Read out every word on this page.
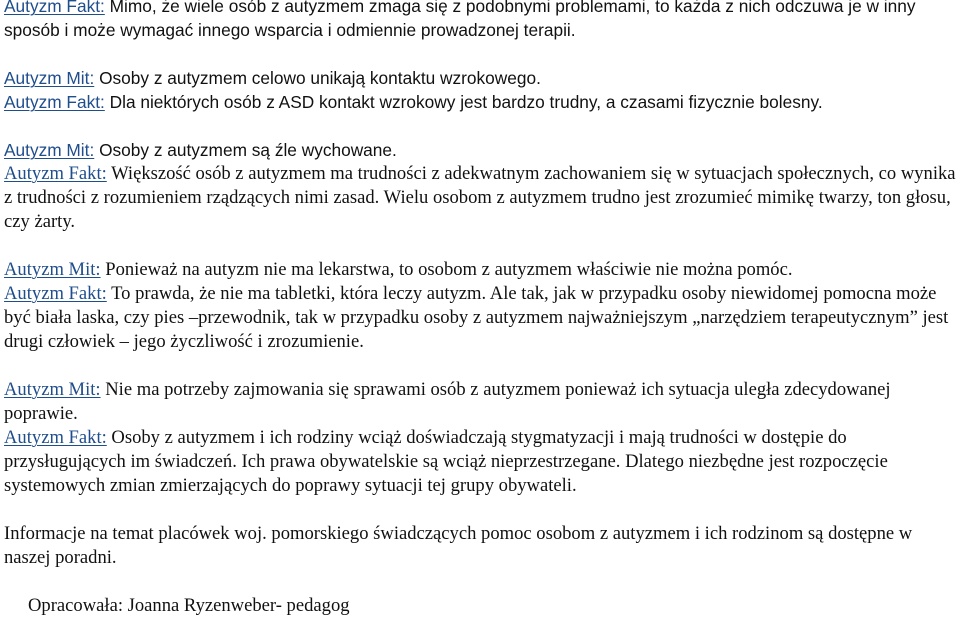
Autyzm Fakt: Mimo, że wiele osób z autyzmem zmaga się z podobnymi problemami, to każda z nich odczuwa je w inny sposób i może wymagać innego wsparcia i odmiennie prowadzonej terapii.

Autyzm Mit: Osoby z autyzmem celowo unikają kontaktu wzrokowego.

Autyzm Fakt: Dla niektórych osób z ASD kontakt wzrokowy jest bardzo trudny, a czasami fizycznie bolesny.

Autyzm Mit: Osoby z autyzmem są źle wychowane.

Autyzm Fakt: Większość osób z autyzmem ma trudności z adekwatnym zachowaniem się w sytuacjach społecznych, co wynika z trudności z rozumieniem rządzących nimi zasad. Wielu osobom z autyzmem trudno jest zrozumieć mimikę twarzy, ton głosu, czy żarty.

Autyzm Mit: Ponieważ na autyzm nie ma lekarstwa, to osobom z autyzmem właściwie nie można pomóc.

Autyzm Fakt: To prawda, że nie ma tabletki, która leczy autyzm. Ale tak, jak w przypadku osoby niewidomej pomocna może być biała laska, czy pies –przewodnik, tak w przypadku osoby z autyzmem najważniejszym „narzędziem terapeutycznym” jest drugi człowiek – jego życzliwość i zrozumienie.

Autyzm Mit: Nie ma potrzeby zajmowania się sprawami osób z autyzmem ponieważ ich sytuacja uległa zdecydowanej poprawie.

Autyzm Fakt: Osoby z autyzmem i ich rodziny wciąż doświadczają stygmatyzacji i mają trudności w dostępie do przysługujących im świadczeń. Ich prawa obywatelskie są wciąż nieprzestrzegane. Dlatego niezbędne jest rozpoczęcie systemowych zmian zmierzających do poprawy sytuacji tej grupy obywateli.

Informacje na temat placówek woj. pomorskiego świadczących pomoc osobom z autyzmem i ich rodzinom są dostępne w naszej poradni.

Opracowała: Joanna Ryzenweber- pedagog
